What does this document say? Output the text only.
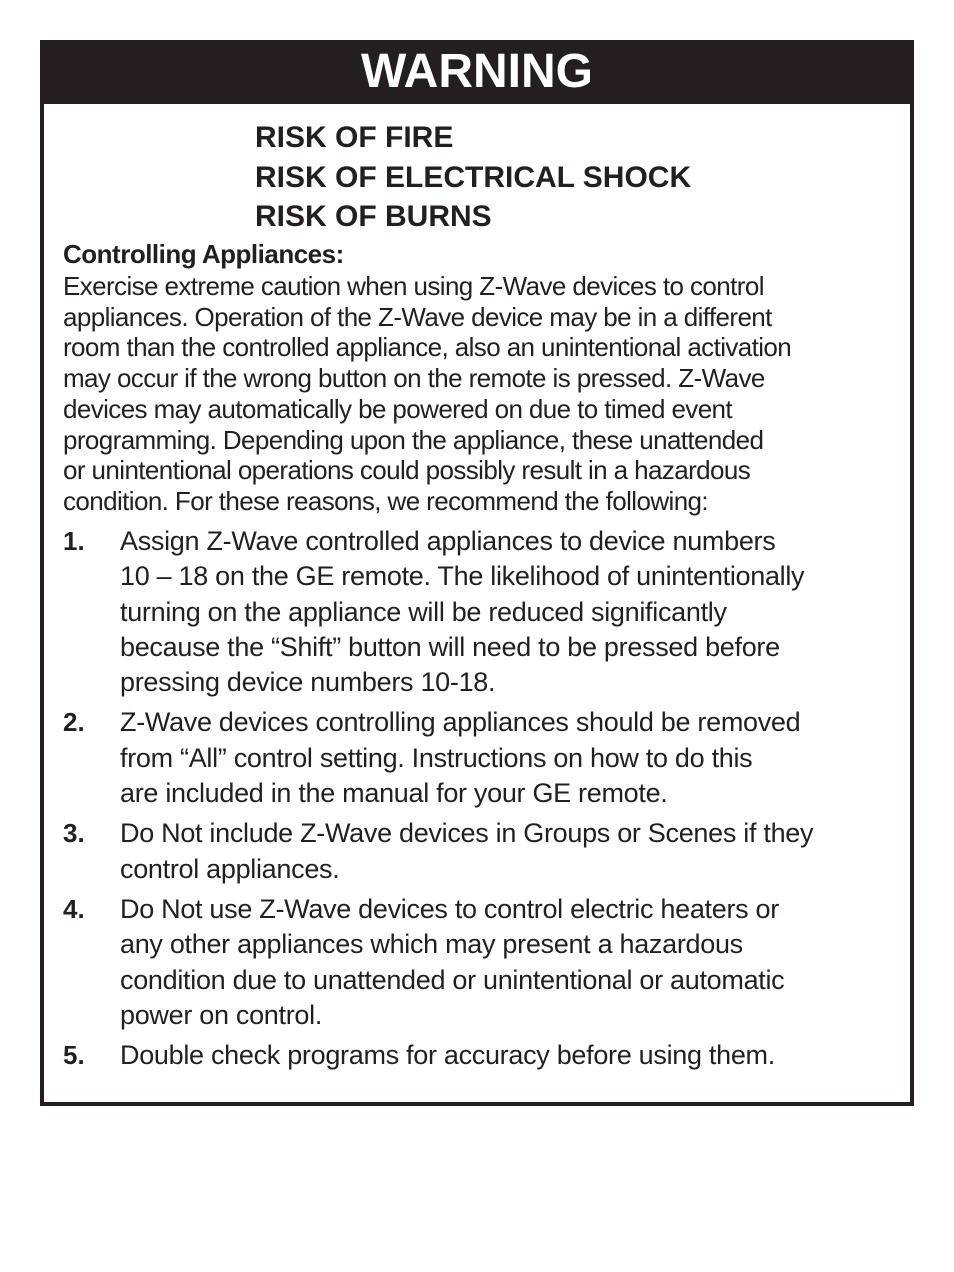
WARNING
RISK OF FIRE
RISK OF ELECTRICAL SHOCK
RISK OF BURNS
Controlling Appliances:

Exercise extreme caution when using Z-Wave devices to control
appliances. Operation of the Z-Wave device may be in a different
room than the controlled appliance, also an unintentional activation
may occur if the wrong button on the remote is pressed. Z-Wave
devices may automatically be powered on due to timed event
programming. Depending upon the appliance, these unattended
or unintentional operations could possibly result in a hazardous
condition. For these reasons, we recommend the following:

1. Assign Z-Wave controlled appliances to device numbers
10 – 18 on the GE remote. The likelihood of unintentionally
turning on the appliance will be reduced significantly
because the “Shift” button will need to be pressed before
pressing device numbers 10-18.
2. Z-Wave devices controlling appliances should be removed
from “All” control setting. Instructions on how to do this
are included in the manual for your GE remote.
3. Do Not include Z-Wave devices in Groups or Scenes if they
control appliances.
4. Do Not use Z-Wave devices to control electric heaters or
any other appliances which may present a hazardous
condition due to unattended or unintentional or automatic
power on control.
5. Double check programs for accuracy before using them.
